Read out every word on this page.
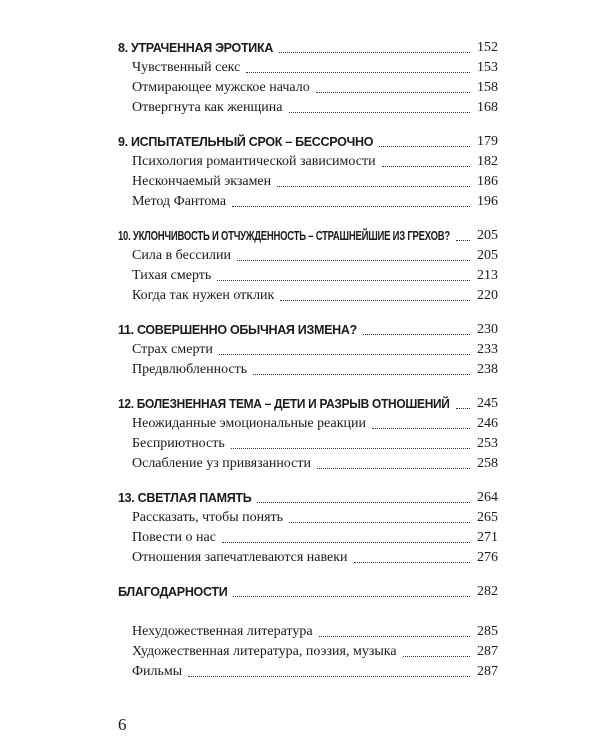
8. УТРАЧЕННАЯ ЭРОТИКА	152
Чувственный секс	153
Отмирающее мужское начало	158
Отвергнута как женщина	168
9. ИСПЫТАТЕЛЬНЫЙ СРОК – БЕССРОЧНО	179
Психология романтической зависимости	182
Нескончаемый экзамен	186
Метод Фантома	196
10. УКЛОНЧИВОСТЬ И ОТЧУЖДЕННОСТЬ – СТРАШНЕЙШИЕ ИЗ ГРЕХОВ? 205
Сила в бессилии	205
Тихая смерть	213
Когда так нужен отклик	220
11. СОВЕРШЕННО ОБЫЧНАЯ ИЗМЕНА?	230
Страх смерти	233
Предвлюбленность	238
12. БОЛЕЗНЕННАЯ ТЕМА – ДЕТИ И РАЗРЫВ ОТНОШЕНИЙ 245
Неожиданные эмоциональные реакции	246
Бесприютность	253
Ослабление уз привязанности	258
13. СВЕТЛАЯ ПАМЯТЬ	264
Рассказать, чтобы понять	265
Повести о нас	271
Отношения запечатлеваются навеки	276
БЛАГОДАРНОСТИ	282
Нехудожественная литература	285
Художественная литература, поэзия, музыка	287
Фильмы	287
6
